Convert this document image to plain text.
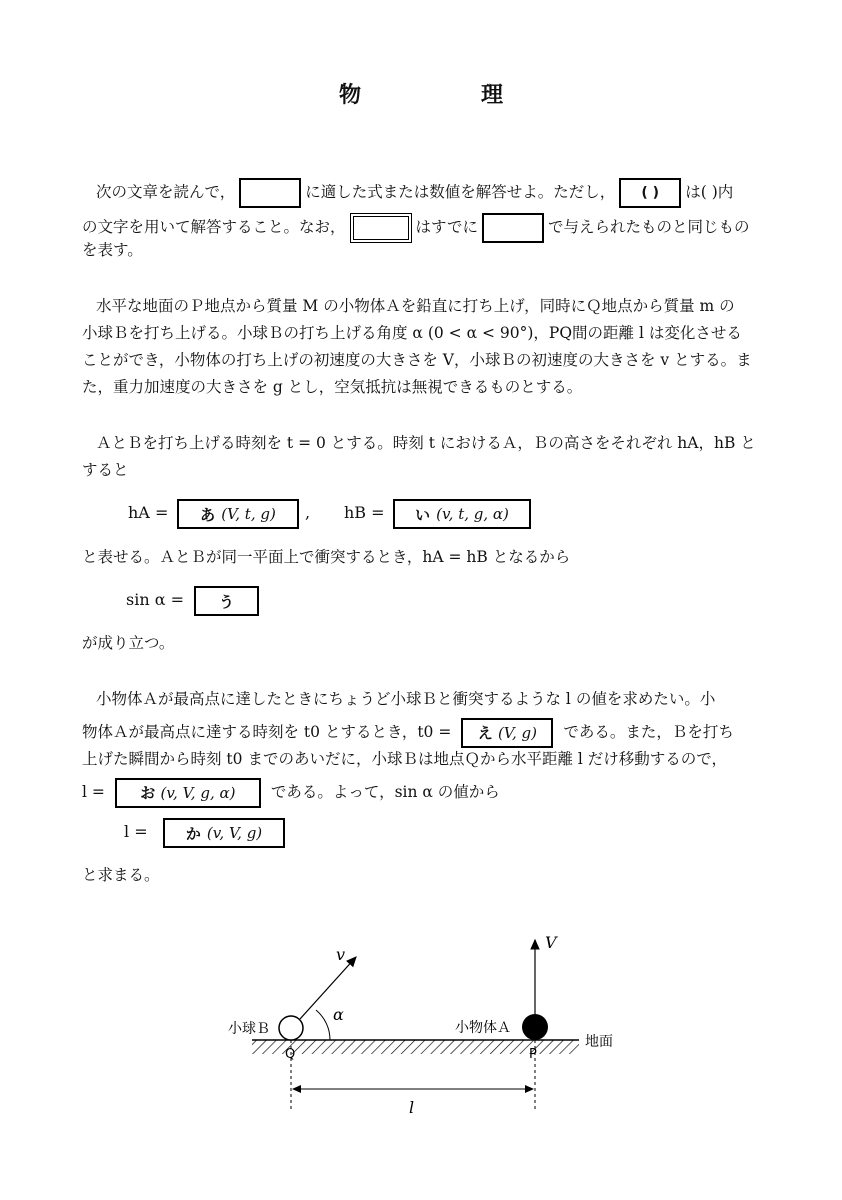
物	理
次の文章を読んで，	に適した式または数値を解答せよ。ただし， ( ) は( )内
の文字を用いて解答すること。なお，	はすでに	で与えられたものと同じもの
を表す。
水平な地面のＰ地点から質量 M の小物体Ａを鉛直に打ち上げ，同時にＱ地点から質量 m の
小球Ｂを打ち上げる。小球Ｂの打ち上げる角度 α (0 < α < 90°)，PQ間の距離 l は変化させる
ことができ，小物体の打ち上げの初速度の大きさを V，小球Ｂの初速度の大きさを v とする。ま
た，重力加速度の大きさを g とし，空気抵抗は無視できるものとする。
ＡとＢを打ち上げる時刻を t = 0 とする。時刻 t におけるＡ，Ｂの高さをそれぞれ hA，hB と
すると
hA = あ (V, t, g) , hB = い (v, t, g, α)
と表せる。ＡとＢが同一平面上で衝突するとき，hA = hB となるから
sin α = う
が成り立つ。
小物体Ａが最高点に達したときにちょうど小球Ｂと衝突するような l の値を求めたい。小
物体Ａが最高点に達する時刻を t0 とするとき，t0 = え (V, g) である。また，Ｂを打ち
上げた瞬間から時刻 t0 までのあいだに，小球Ｂは地点Ｑから水平距離 l だけ移動するので，
l = お (v, V, g, α) である。よって，sin α の値から
l =	か (v, V, g)
と求まる。
v
α
V
小球Ｂ	小物体Ａ
地面
Q	P
l
